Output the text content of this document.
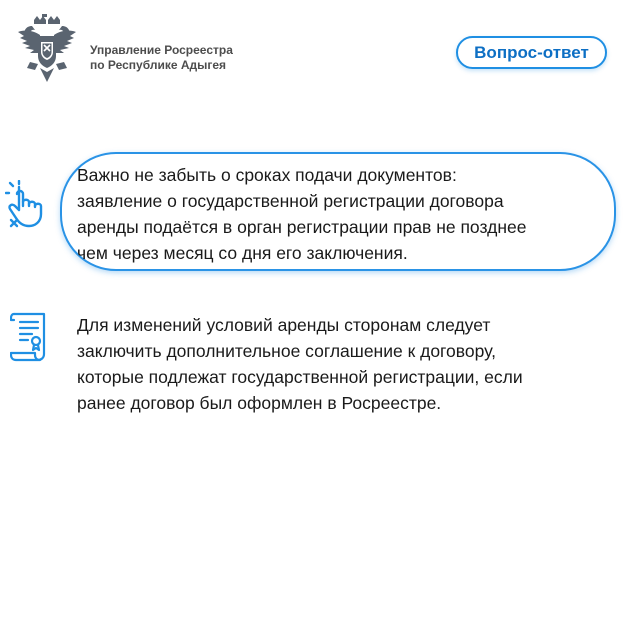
Управление Росреестра
по Республике Адыгея
Вопрос-ответ
Важно не забыть о сроках подачи документов:
заявление о государственной регистрации договора
аренды подаётся в орган регистрации прав не позднее
чем через месяц со дня его заключения.
Для изменений условий аренды сторонам следует
заключить дополнительное соглашение к договору,
которые подлежат государственной регистрации, если
ранее договор был оформлен в Росреестре.
